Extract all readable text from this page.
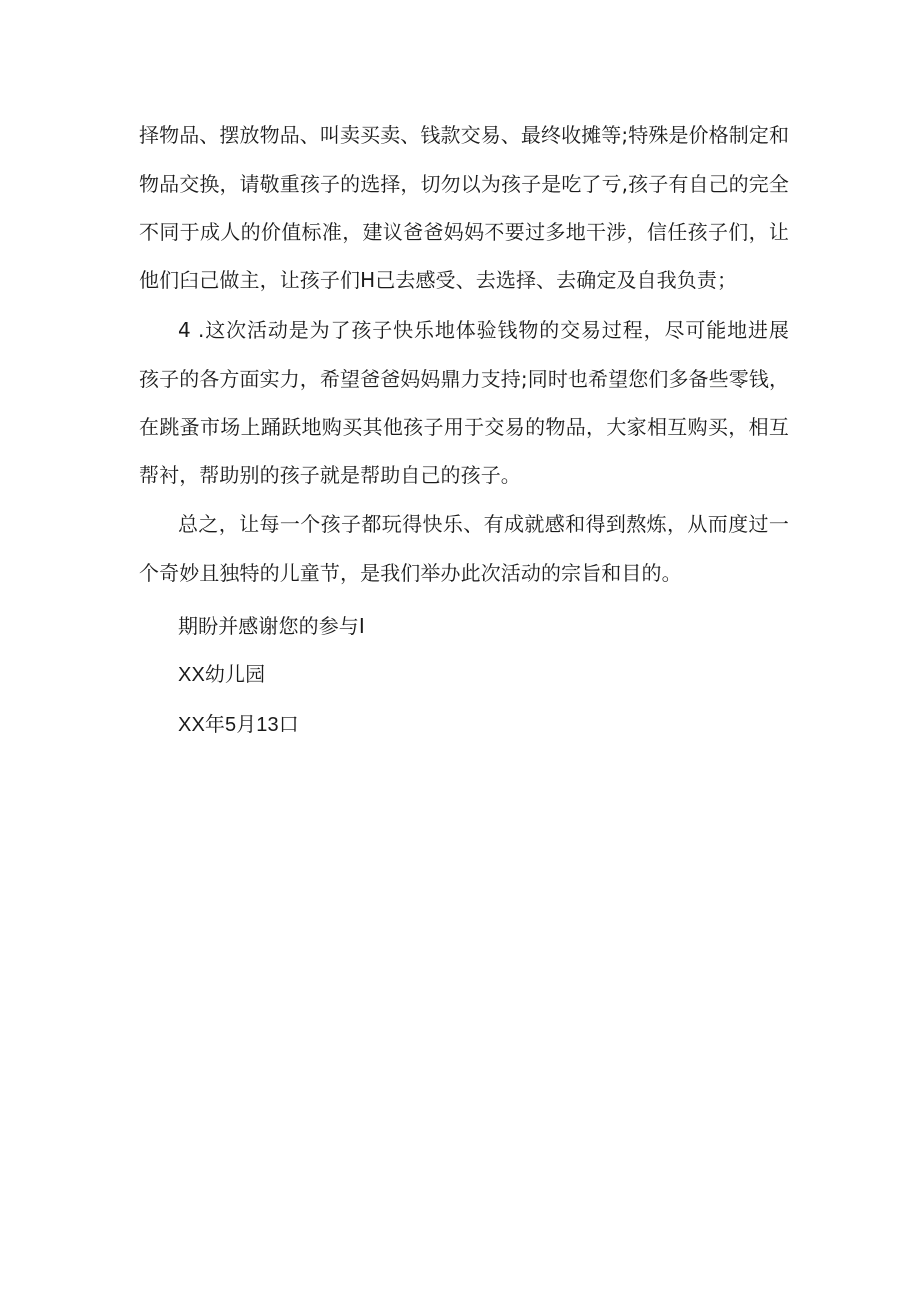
择物品、摆放物品、叫卖买卖、钱款交易、最终收摊等;特殊是价格制定和
物品交换，请敬重孩子的选择，切勿以为孩子是吃了亏,孩子有自己的完全
不同于成人的价值标准，建议爸爸妈妈不要过多地干涉，信任孩子们，让
他们臼己做主，让孩子们H己去感受、去选择、去确定及自我负责；
4 .这次活动是为了孩子快乐地体验钱物的交易过程，尽可能地进展
孩子的各方面实力，希望爸爸妈妈鼎力支持;同时也希望您们多备些零钱，
在跳蚤市场上踊跃地购买其他孩子用于交易的物品，大家相互购买，相互
帮衬，帮助别的孩子就是帮助自己的孩子。
总之，让每一个孩子都玩得快乐、有成就感和得到熬炼，从而度过一
个奇妙且独特的儿童节，是我们举办此次活动的宗旨和目的。
期盼并感谢您的参与I
XX幼儿园
XX年5月13口
